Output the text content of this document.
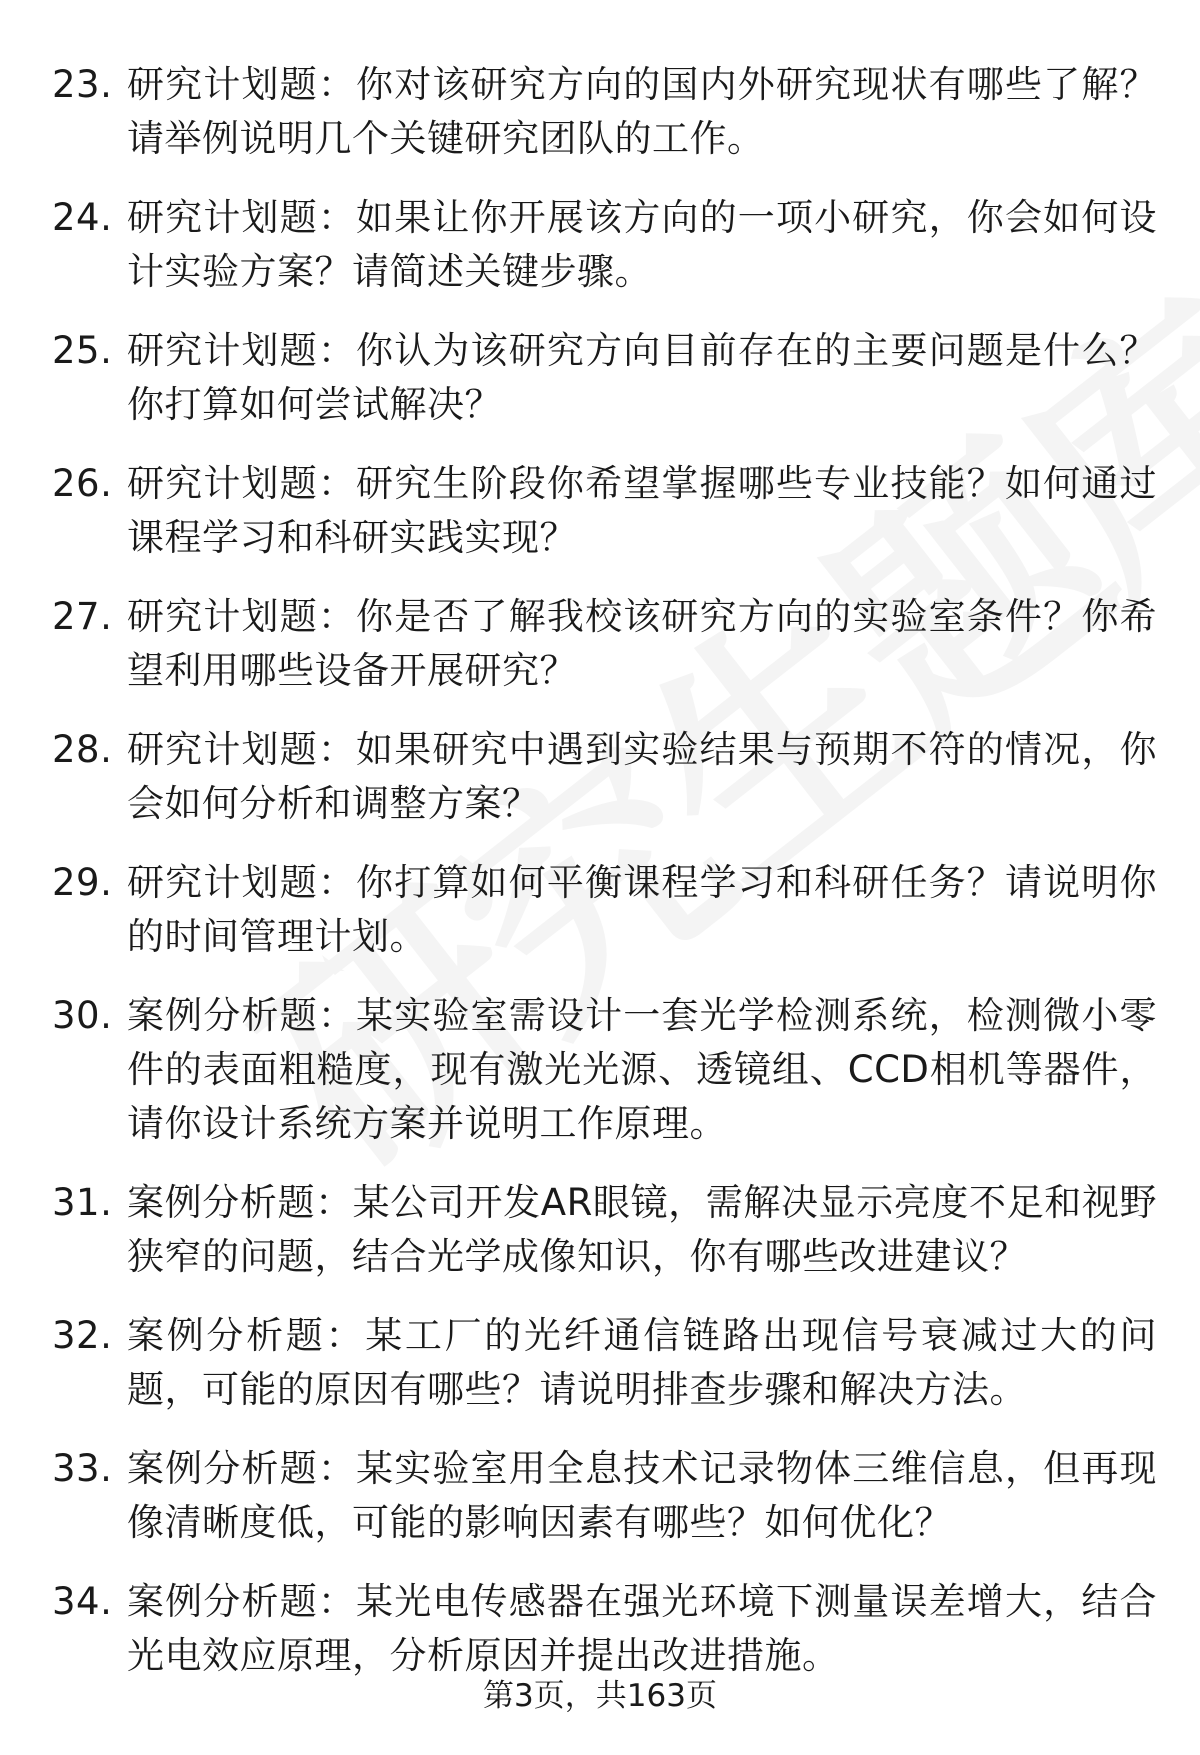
23. 研究计划题：你对该研究方向的国内外研究现状有哪些了解？请举例说明几个关键研究团队的工作。
24. 研究计划题：如果让你开展该方向的一项小研究，你会如何设计实验方案？请简述关键步骤。
25. 研究计划题：你认为该研究方向目前存在的主要问题是什么？你打算如何尝试解决？
26. 研究计划题：研究生阶段你希望掌握哪些专业技能？如何通过课程学习和科研实践实现？
27. 研究计划题：你是否了解我校该研究方向的实验室条件？你希望利用哪些设备开展研究？
28. 研究计划题：如果研究中遇到实验结果与预期不符的情况，你会如何分析和调整方案？
29. 研究计划题：你打算如何平衡课程学习和科研任务？请说明你的时间管理计划。
30. 案例分析题：某实验室需设计一套光学检测系统，检测微小零件的表面粗糙度，现有激光光源、透镜组、CCD相机等器件，请你设计系统方案并说明工作原理。
31. 案例分析题：某公司开发AR眼镜，需解决显示亮度不足和视野狭窄的问题，结合光学成像知识，你有哪些改进建议？
32. 案例分析题：某工厂的光纤通信链路出现信号衰减过大的问题，可能的原因有哪些？请说明排查步骤和解决方法。
33. 案例分析题：某实验室用全息技术记录物体三维信息，但再现像清晰度低，可能的影响因素有哪些？如何优化？
34. 案例分析题：某光电传感器在强光环境下测量误差增大，结合光电效应原理，分析原因并提出改进措施。
第3页，共163页
